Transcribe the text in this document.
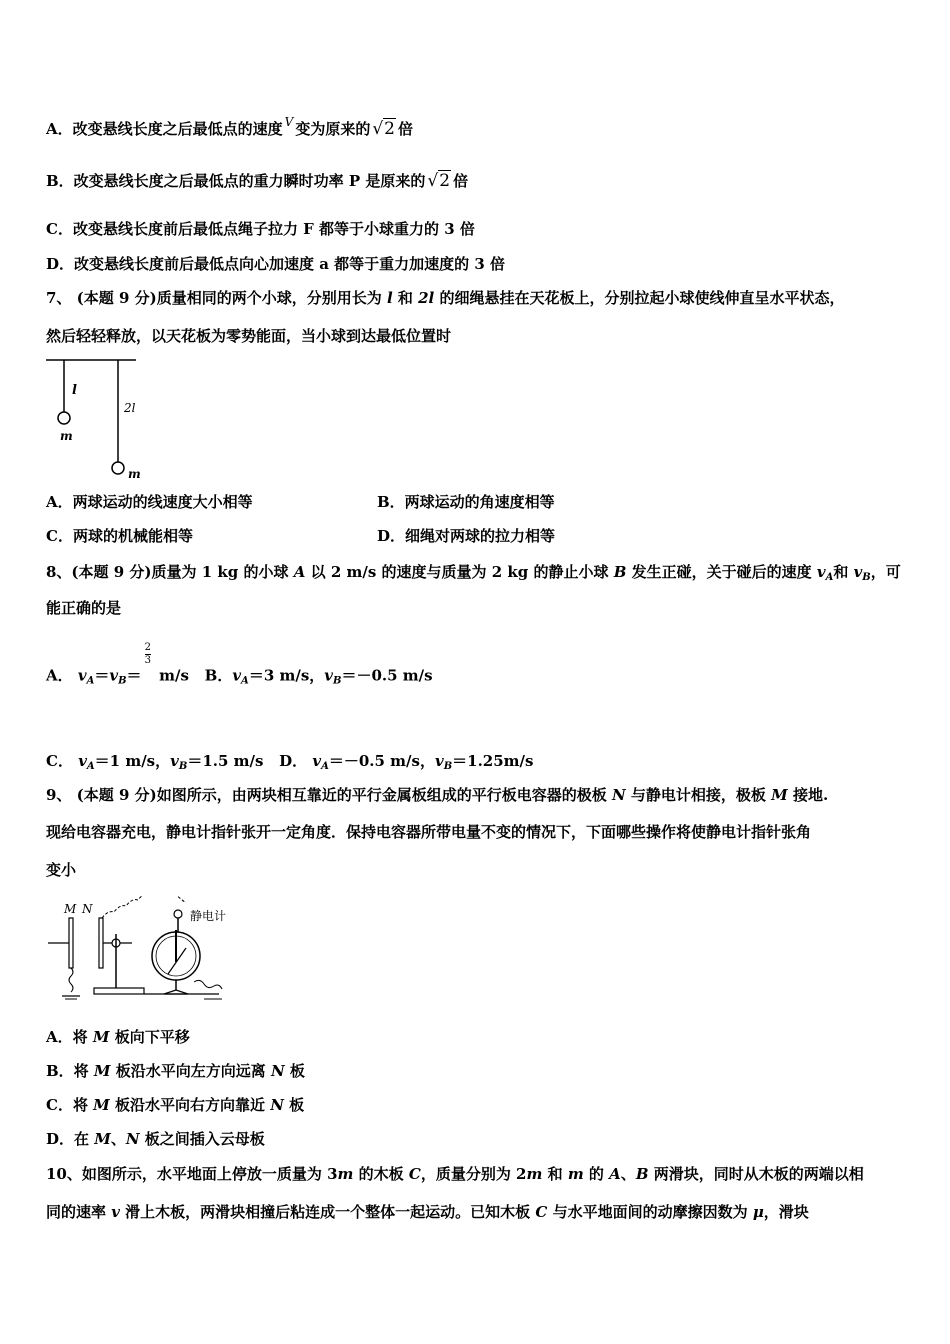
A．改变悬线长度之后最低点的速度 $^V$ 变为原来的 √2 倍
B．改变悬线长度之后最低点的重力瞬时功率 P 是原来的 √2 倍
C．改变悬线长度前后最低点绳子拉力 F 都等于小球重力的 3 倍
D．改变悬线长度前后最低点向心加速度 a 都等于重力加速度的 3 倍
7、 (本题 9 分)质量相同的两个小球，分别用长为 l 和 2l 的细绳悬挂在天花板上，分别拉起小球使线伸直呈水平状态，
然后轻轻释放，以天花板为零势能面，当小球到达最低位置时
l
2l
m
m
A．两球运动的线速度大小相等	B．两球运动的角速度相等
C．两球的机械能相等	D．细绳对两球的拉力相等
8、(本题 9 分)质量为 1 kg 的小球 A 以 2 m/s 的速度与质量为 2 kg 的静止小球 B 发生正碰，关于碰后的速度 $v_A$和 $v_B$，可
能正确的是
A． $v_A=v_B=$
$\frac{2}{3}$
m/s B．$v_A=3$ m/s，$v_B=-0.5$ m/s
C． $v_A=1$ m/s，$v_B=1.5$ m/s D． $v_A=-0.5$ m/s，$v_B=1.25m/s$
9、 (本题 9 分)如图所示，由两块相互靠近的平行金属板组成的平行板电容器的极板 N 与静电计相接，极板 M 接地.
现给电容器充电，静电计指针张开一定角度．保持电容器所带电量不变的情况下，下面哪些操作将使静电计指针张角
变小
M N	静电计
A．将 M 板向下平移
B．将 M 板沿水平向左方向远离 N 板
C．将 M 板沿水平向右方向靠近 N 板
D．在 M、N 板之间插入云母板
10、如图所示，水平地面上停放一质量为 3m 的木板 C，质量分别为 2m 和 m 的 A、B 两滑块，同时从木板的两端以相
同的速率 v 滑上木板，两滑块相撞后粘连成一个整体一起运动。已知木板 C 与水平地面间的动摩擦因数为 μ，滑块
